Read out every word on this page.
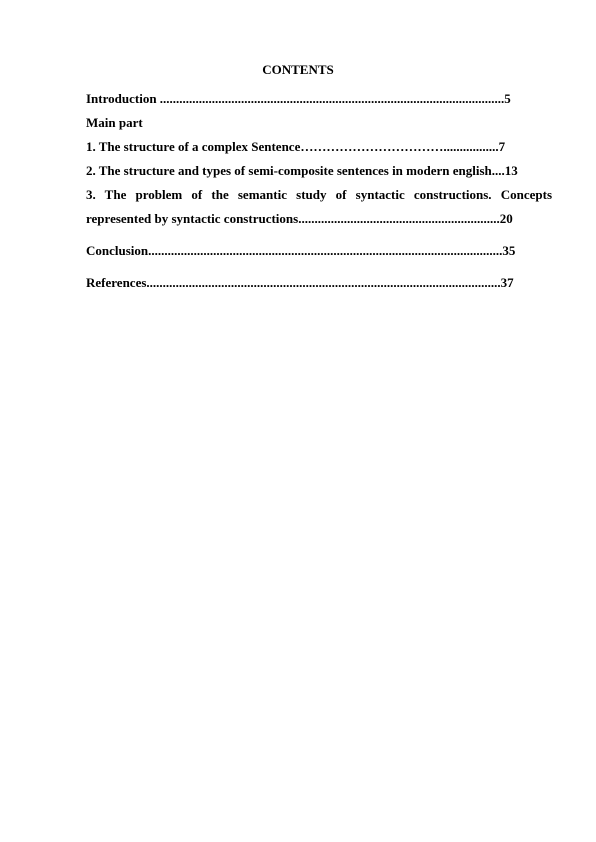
CONTENTS
Introduction ..........................................................................................................5
Main part
1. The structure of a complex Sentence…………………………….................7
2. The structure and types of semi-composite sentences in modern english....13
3. The problem of the semantic study of syntactic constructions. Concepts
represented by syntactic constructions..............................................................20
Conclusion.............................................................................................................35
References.............................................................................................................37
